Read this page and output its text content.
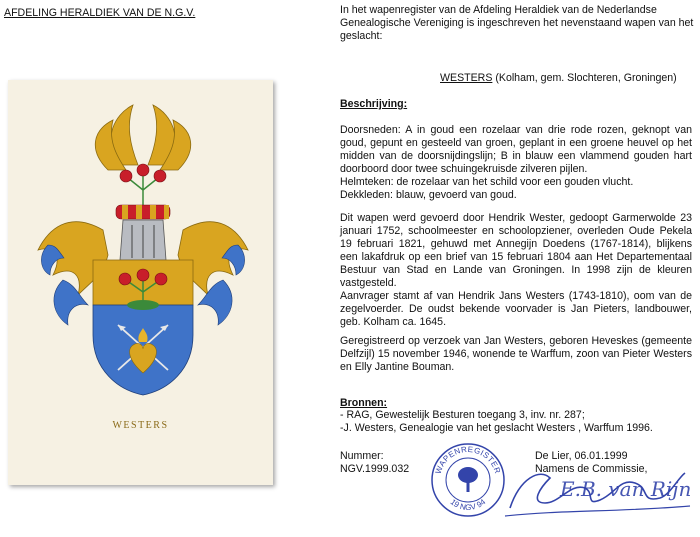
AFDELING HERALDIEK VAN DE N.G.V.
WESTERS
In het wapenregister van de Afdeling Heraldiek van de Nederlandse Genealogische Vereniging is ingeschreven het nevenstaand wapen van het geslacht:
WESTERS (Kolham, gem. Slochteren, Groningen)
Beschrijving:
Doorsneden: A in goud een rozelaar van drie rode rozen, geknopt van goud, gepunt en gesteeld van groen, geplant in een groene heuvel op het midden van de doorsnijdingslijn; B in blauw een vlammend gouden hart doorboord door twee schuingekruisde zilveren pijlen.
Helmteken: de rozelaar van het schild voor een gouden vlucht.
Dekkleden: blauw, gevoerd van goud.
Dit wapen werd gevoerd door Hendrik Wester, gedoopt Garmerwolde 23 januari 1752, schoolmeester en schoolopziener, overleden Oude Pekela 19 februari 1821, gehuwd met Annegijn Doedens (1767-1814), blijkens een lakafdruk op een brief van 15 februari 1804 aan Het Departementaal Bestuur van Stad en Lande van Groningen. In 1998 zijn de kleuren vastgesteld.
Aanvrager stamt af van Hendrik Jans Westers (1743-1810), oom van de zegelvoerder. De oudst bekende voorvader is Jan Pieters, landbouwer, geb. Kolham ca. 1645.
Geregistreerd op verzoek van Jan Westers, geboren Heveskes (gemeente Delfzijl) 15 november 1946, wonende te Warffum, zoon van Pieter Westers en Elly Jantine Bouman.
Bronnen:
- RAG, Gewestelijk Besturen toegang 3, inv. nr. 287;
-J. Westers, Genealogie van het geslacht Westers , Warffum 1996.
Nummer:
NGV.1999.032
De Lier, 06.01.1999
Namens de Commissie,
WAPENREGISTER
19 NGV 94
E.B. van Rijn
